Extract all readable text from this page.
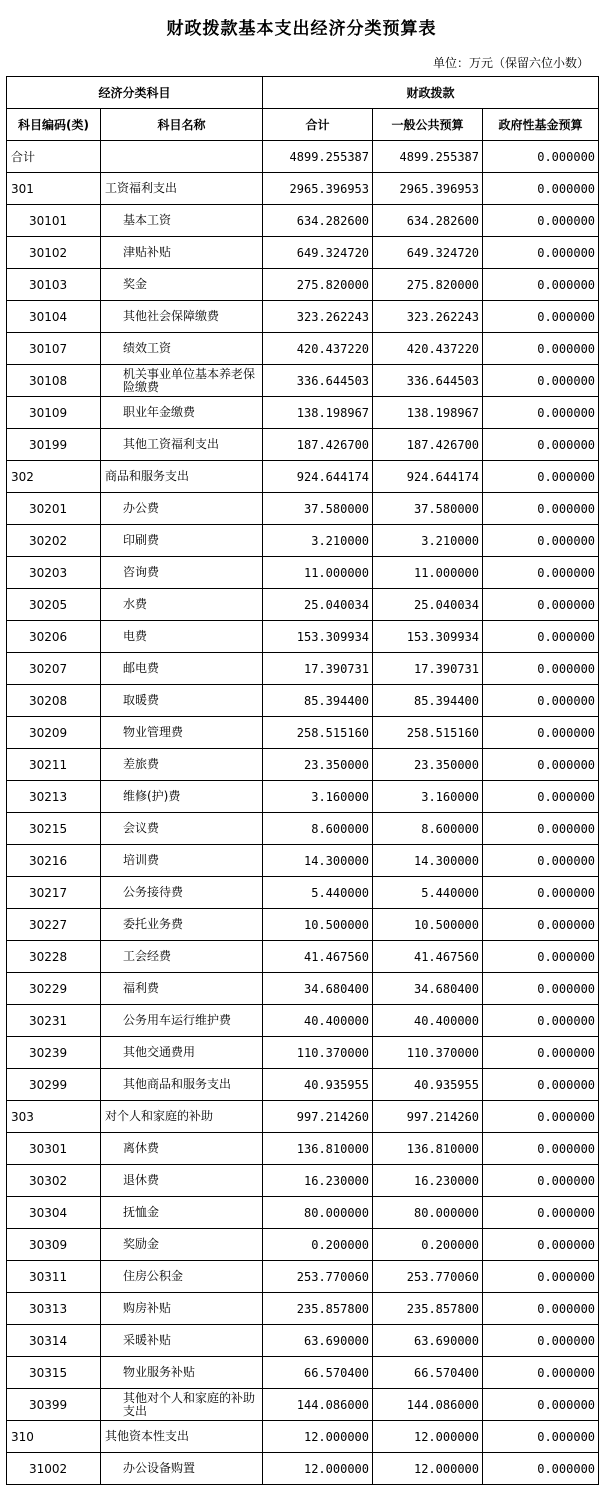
财政拨款基本支出经济分类预算表
单位：万元（保留六位小数）
经济分类科目		财政拨款		
科目编码(类)	科目名称	合计	一般公共预算	政府性基金预算
合计		4899.255387	4899.255387	0.000000
301	工资福利支出	2965.396953	2965.396953	0.000000
30101	基本工资	634.282600	634.282600	0.000000
30102	津贴补贴	649.324720	649.324720	0.000000
30103	奖金	275.820000	275.820000	0.000000
30104	其他社会保障缴费	323.262243	323.262243	0.000000
30107	绩效工资	420.437220	420.437220	0.000000
30108	机关事业单位基本养老保险缴费	336.644503	336.644503	0.000000
30109	职业年金缴费	138.198967	138.198967	0.000000
30199	其他工资福利支出	187.426700	187.426700	0.000000
302	商品和服务支出	924.644174	924.644174	0.000000
30201	办公费	37.580000	37.580000	0.000000
30202	印刷费	3.210000	3.210000	0.000000
30203	咨询费	11.000000	11.000000	0.000000
30205	水费	25.040034	25.040034	0.000000
30206	电费	153.309934	153.309934	0.000000
30207	邮电费	17.390731	17.390731	0.000000
30208	取暖费	85.394400	85.394400	0.000000
30209	物业管理费	258.515160	258.515160	0.000000
30211	差旅费	23.350000	23.350000	0.000000
30213	维修(护)费	3.160000	3.160000	0.000000
30215	会议费	8.600000	8.600000	0.000000
30216	培训费	14.300000	14.300000	0.000000
30217	公务接待费	5.440000	5.440000	0.000000
30227	委托业务费	10.500000	10.500000	0.000000
30228	工会经费	41.467560	41.467560	0.000000
30229	福利费	34.680400	34.680400	0.000000
30231	公务用车运行维护费	40.400000	40.400000	0.000000
30239	其他交通费用	110.370000	110.370000	0.000000
30299	其他商品和服务支出	40.935955	40.935955	0.000000
303	对个人和家庭的补助	997.214260	997.214260	0.000000
30301	离休费	136.810000	136.810000	0.000000
30302	退休费	16.230000	16.230000	0.000000
30304	抚恤金	80.000000	80.000000	0.000000
30309	奖励金	0.200000	0.200000	0.000000
30311	住房公积金	253.770060	253.770060	0.000000
30313	购房补贴	235.857800	235.857800	0.000000
30314	采暖补贴	63.690000	63.690000	0.000000
30315	物业服务补贴	66.570400	66.570400	0.000000
30399	其他对个人和家庭的补助支出	144.086000	144.086000	0.000000
310	其他资本性支出	12.000000	12.000000	0.000000
31002	办公设备购置	12.000000	12.000000	0.000000
